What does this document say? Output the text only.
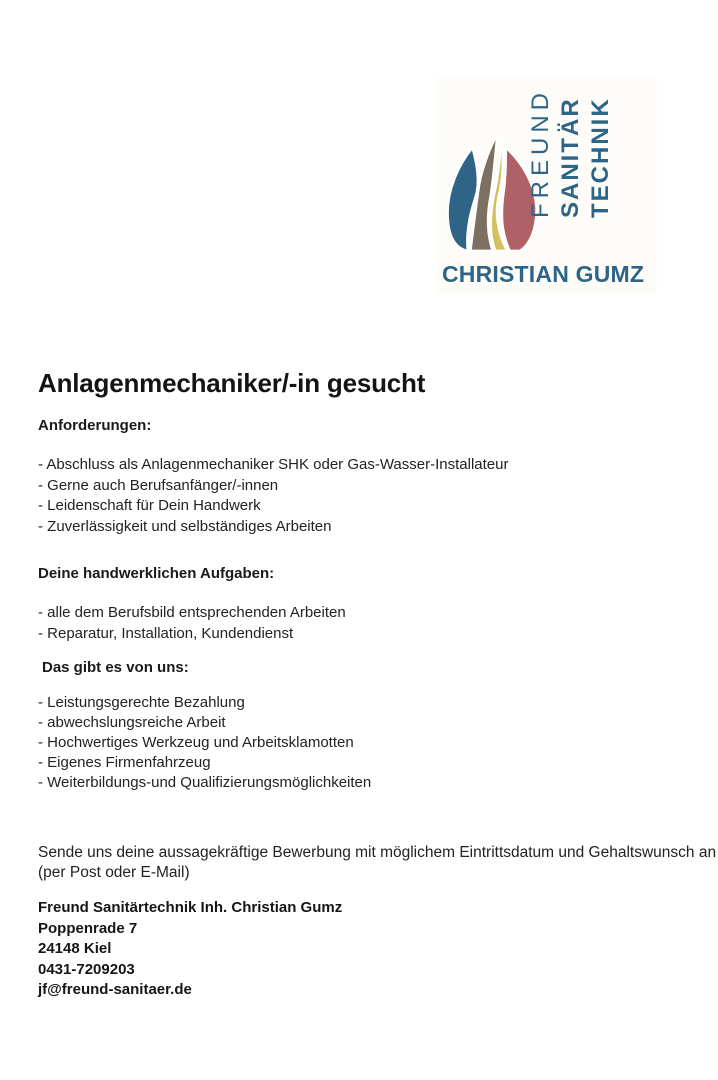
FREUND SANITÄR TECHNIK
CHRISTIAN GUMZ
Anlagenmechaniker/-in gesucht
Anforderungen:
- Abschluss als Anlagenmechaniker SHK oder Gas-Wasser-Installateur
- Gerne auch Berufsanfänger/-innen
- Leidenschaft für Dein Handwerk
- Zuverlässigkeit und selbständiges Arbeiten
Deine handwerklichen Aufgaben:
- alle dem Berufsbild entsprechenden Arbeiten
- Reparatur, Installation, Kundendienst
Das gibt es von uns:
- Leistungsgerechte Bezahlung
- abwechslungsreiche Arbeit
- Hochwertiges Werkzeug und Arbeitsklamotten
- Eigenes Firmenfahrzeug
- Weiterbildungs-und Qualifizierungsmöglichkeiten
Sende uns deine aussagekräftige Bewerbung mit möglichem Eintrittsdatum und Gehaltswunsch an
(per Post oder E-Mail)
Freund Sanitärtechnik Inh. Christian Gumz
Poppenrade 7
24148 Kiel
0431-7209203
jf@freund-sanitaer.de
